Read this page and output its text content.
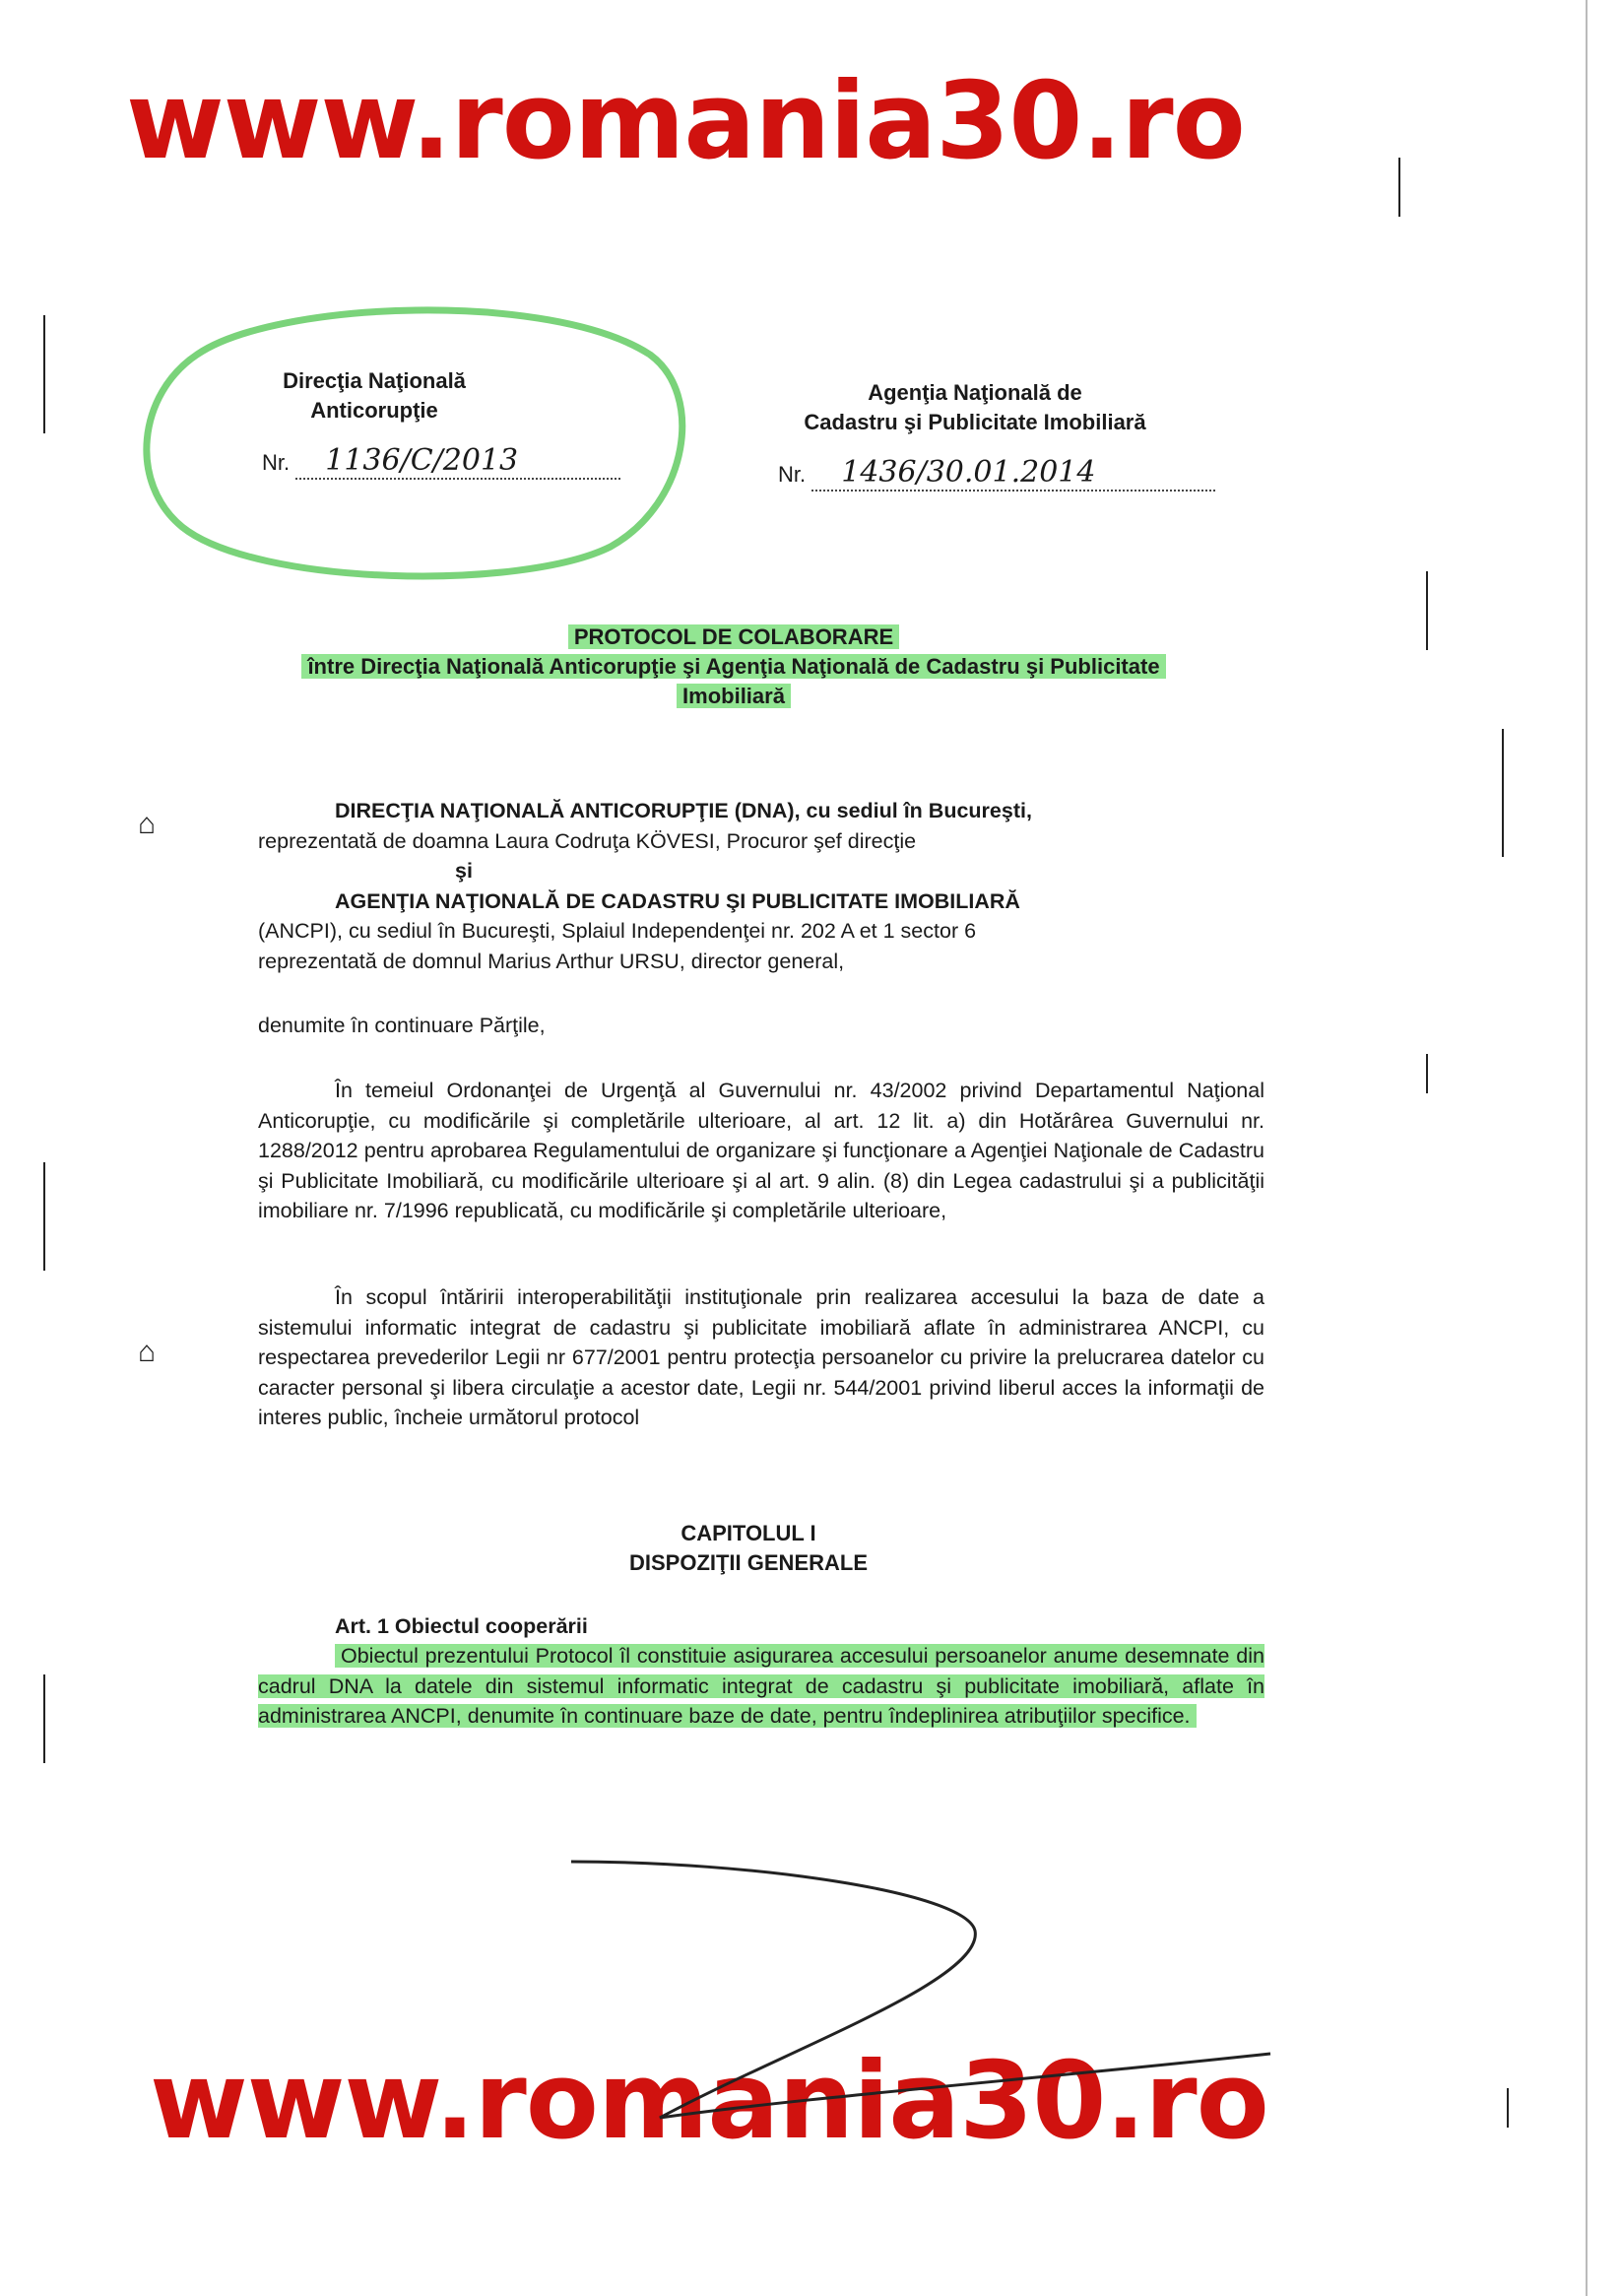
www.romania30.ro
www.romania30.ro
Direcţia Naţională
Anticorupţie
Nr. 1136/C/2013
Agenţia Naţională de
Cadastru şi Publicitate Imobiliară
Nr. 1436/30.01.2014
PROTOCOL DE COLABORARE
între Direcţia Naţională Anticorupţie şi Agenţia Naţională de Cadastru şi Publicitate
Imobiliară
⌂
⌂

DIRECŢIA NAŢIONALĂ ANTICORUPŢIE (DNA), cu sediul în Bucureşti,

reprezentată de doamna Laura Codruţa KÖVESI, Procuror şef direcţie

şi

AGENŢIA NAŢIONALĂ DE CADASTRU ŞI PUBLICITATE IMOBILIARĂ

(ANCPI), cu sediul în Bucureşti, Splaiul Independenţei nr. 202 A et 1 sector 6

reprezentată de domnul Marius Arthur URSU, director general,

denumite în continuare Părţile,

În temeiul Ordonanţei de Urgenţă al Guvernului nr. 43/2002 privind Departamentul Naţional Anticorupţie, cu modificările şi completările ulterioare, al art. 12 lit. a) din Hotărârea Guvernului nr. 1288/2012 pentru aprobarea Regulamentului de organizare şi funcţionare a Agenţiei Naţionale de Cadastru şi Publicitate Imobiliară, cu modificările ulterioare şi al art. 9 alin. (8) din Legea cadastrului şi a publicităţii imobiliare nr. 7/1996 republicată, cu modificările şi completările ulterioare,

În scopul întăririi interoperabilităţii instituţionale prin realizarea accesului la baza de date a sistemului informatic integrat de cadastru şi publicitate imobiliară aflate în administrarea ANCPI, cu respectarea prevederilor Legii nr 677/2001 pentru protecţia persoanelor cu privire la prelucrarea datelor cu caracter personal şi libera circulaţie a acestor date, Legii nr. 544/2001 privind liberul acces la informaţii de interes public, încheie următorul protocol

CAPITOLUL I
DISPOZIŢII GENERALE

Art. 1 Obiectul cooperării

Obiectul prezentului Protocol îl constituie asigurarea accesului persoanelor anume desemnate din cadrul DNA la datele din sistemul informatic integrat de cadastru şi publicitate imobiliară, aflate în administrarea ANCPI, denumite în continuare baze de date, pentru îndeplinirea atribuţiilor specifice.
